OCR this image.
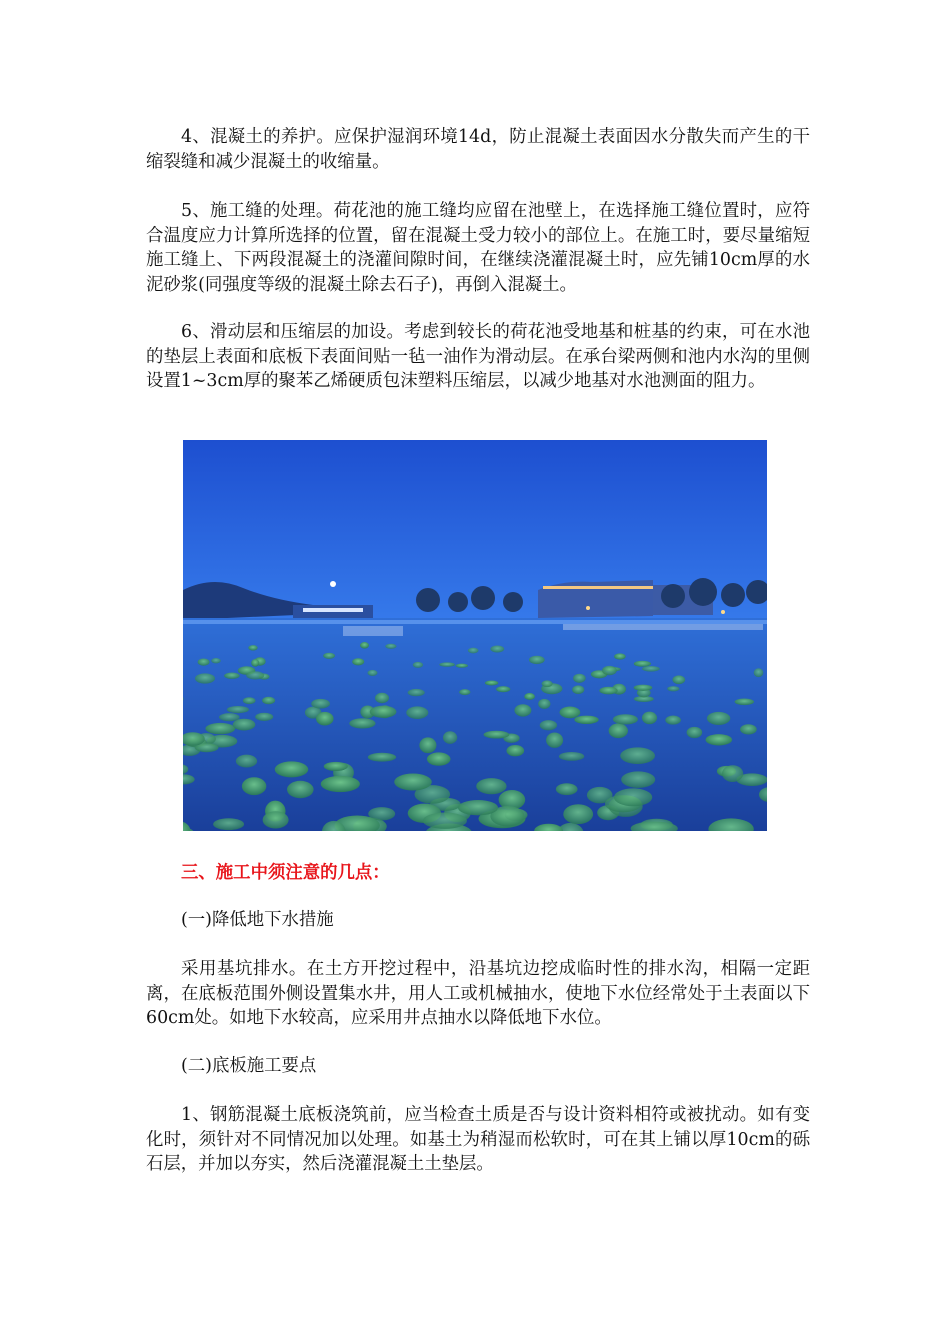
4、混凝土的养护。应保护湿润环境14d，防止混凝土表面因水分散失而产生的干缩裂缝和减少混凝土的收缩量。

5、施工缝的处理。荷花池的施工缝均应留在池壁上，在选择施工缝位置时，应符合温度应力计算所选择的位置，留在混凝土受力较小的部位上。在施工时，要尽量缩短施工缝上、下两段混凝土的浇灌间隙时间，在继续浇灌混凝土时，应先铺10cm厚的水泥砂浆(同强度等级的混凝土除去石子)，再倒入混凝土。

6、滑动层和压缩层的加设。考虑到较长的荷花池受地基和桩基的约束，可在水池的垫层上表面和底板下表面间贴一毡一油作为滑动层。在承台梁两侧和池内水沟的里侧设置1~3cm厚的聚苯乙烯硬质包沫塑料压缩层，以减少地基对水池测面的阻力。

三、施工中须注意的几点：

(一)降低地下水措施

采用基坑排水。在土方开挖过程中，沿基坑边挖成临时性的排水沟，相隔一定距离，在底板范围外侧设置集水井，用人工或机械抽水，使地下水位经常处于土表面以下60cm处。如地下水较高，应采用井点抽水以降低地下水位。

(二)底板施工要点

1、钢筋混凝土底板浇筑前，应当检查土质是否与设计资料相符或被扰动。如有变化时，须针对不同情况加以处理。如基土为稍湿而松软时，可在其上铺以厚10cm的砾石层，并加以夯实，然后浇灌混凝土土垫层。
